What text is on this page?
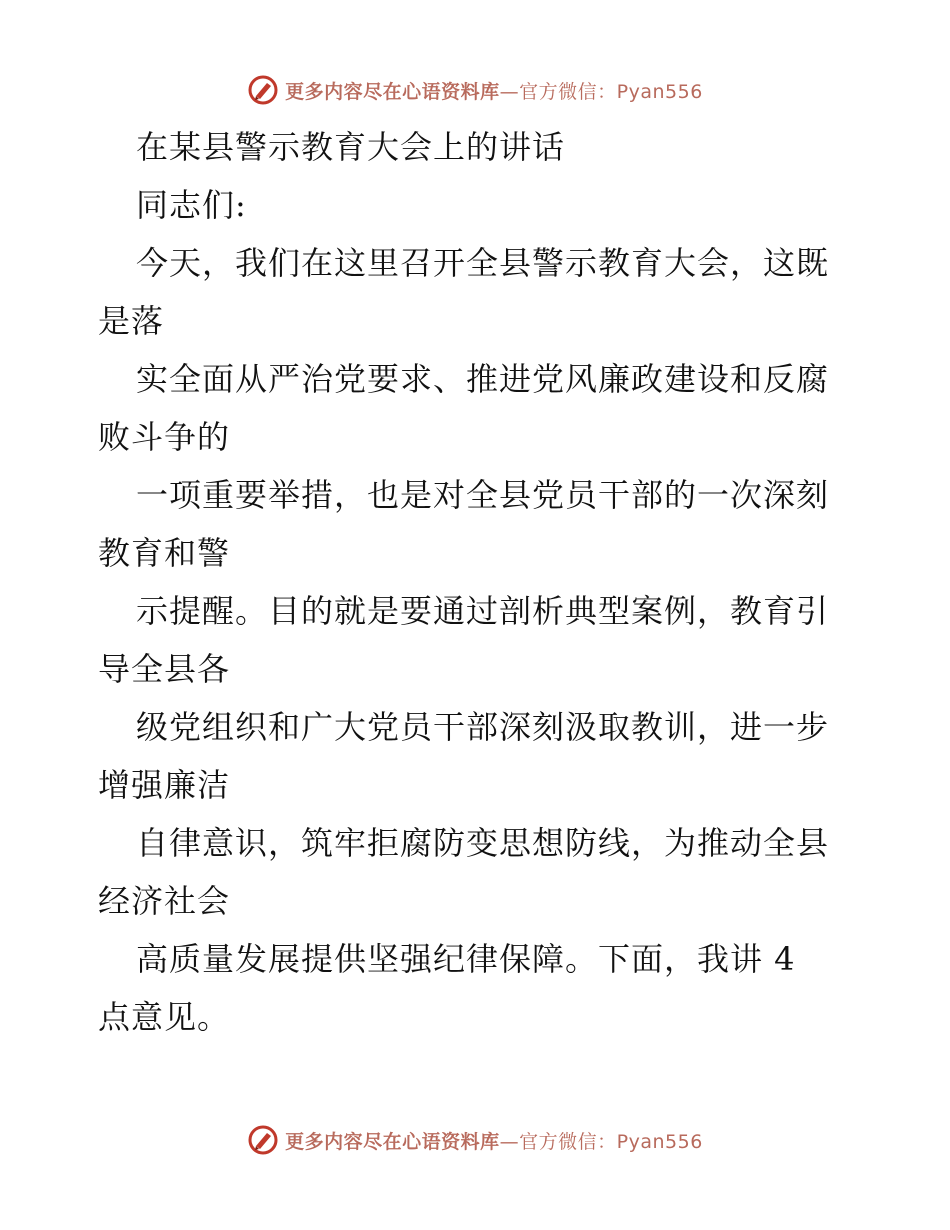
更多内容尽在心语资料库—官方微信：Pyan556
在某县警示教育大会上的讲话
同志们:
今天，我们在这里召开全县警示教育大会，这既
是落
实全面从严治党要求、推进党风廉政建设和反腐
败斗争的
一项重要举措，也是对全县党员干部的一次深刻
教育和警
示提醒。目的就是要通过剖析典型案例，教育引
导全县各
级党组织和广大党员干部深刻汲取教训，进一步
增强廉洁
自律意识，筑牢拒腐防变思想防线，为推动全县
经济社会
高质量发展提供坚强纪律保障。下面，我讲 4
点意见。
更多内容尽在心语资料库—官方微信：Pyan556
